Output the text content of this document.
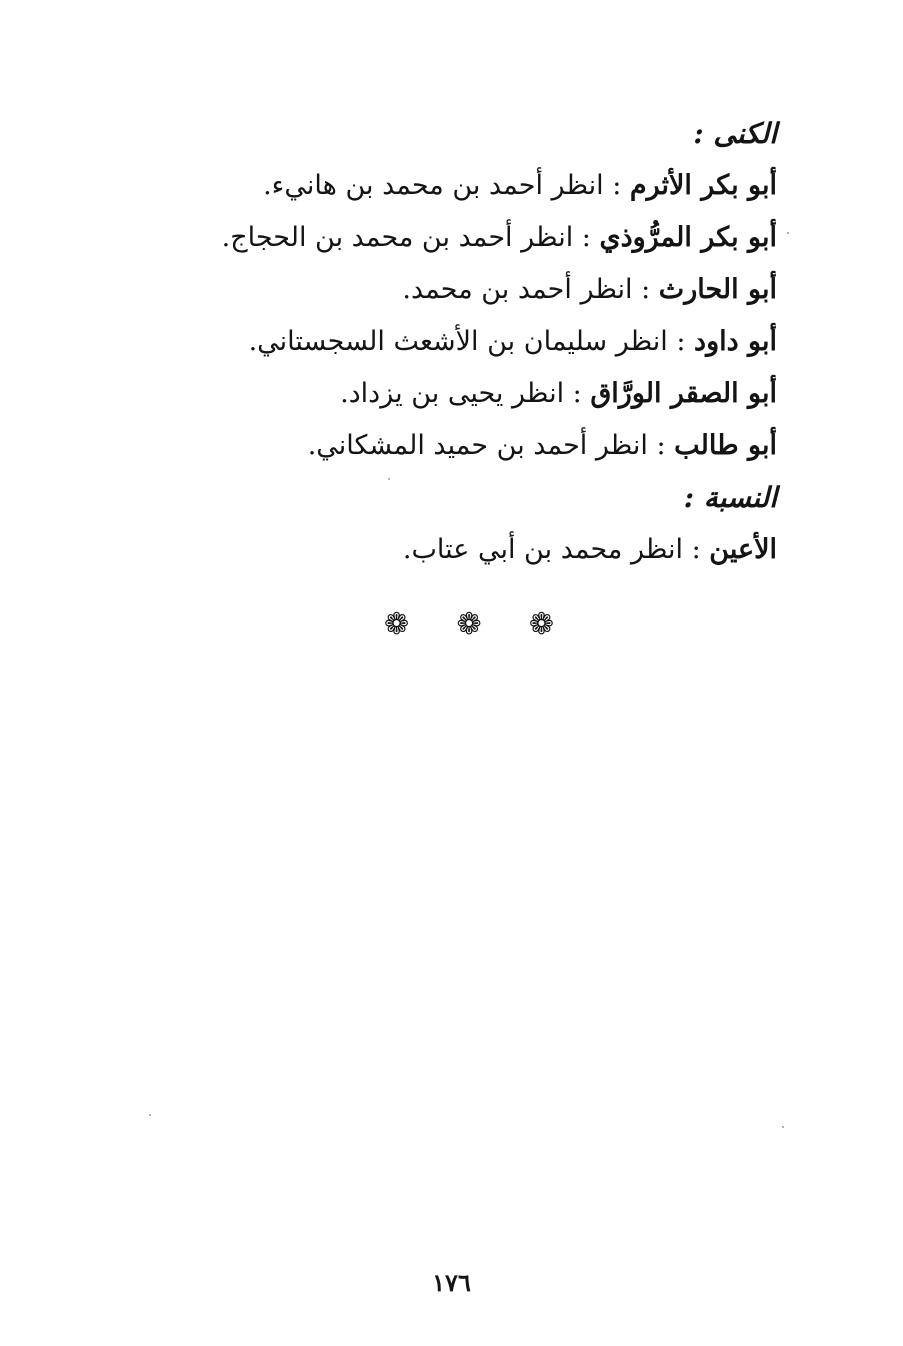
الكنى :
أبو بكر الأثرم : انظر أحمد بن محمد بن هانيء.
أبو بكر المرُّوذي : انظر أحمد بن محمد بن الحجاج.
أبو الحارث : انظر أحمد بن محمد.
أبو داود : انظر سليمان بن الأشعث السجستاني.
أبو الصقر الورَّاق : انظر يحيى بن يزداد.
أبو طالب : انظر أحمد بن حميد المشكاني.
النسبة :
الأعين : انظر محمد بن أبي عتاب.
❁ ❁ ❁
١٧٦
